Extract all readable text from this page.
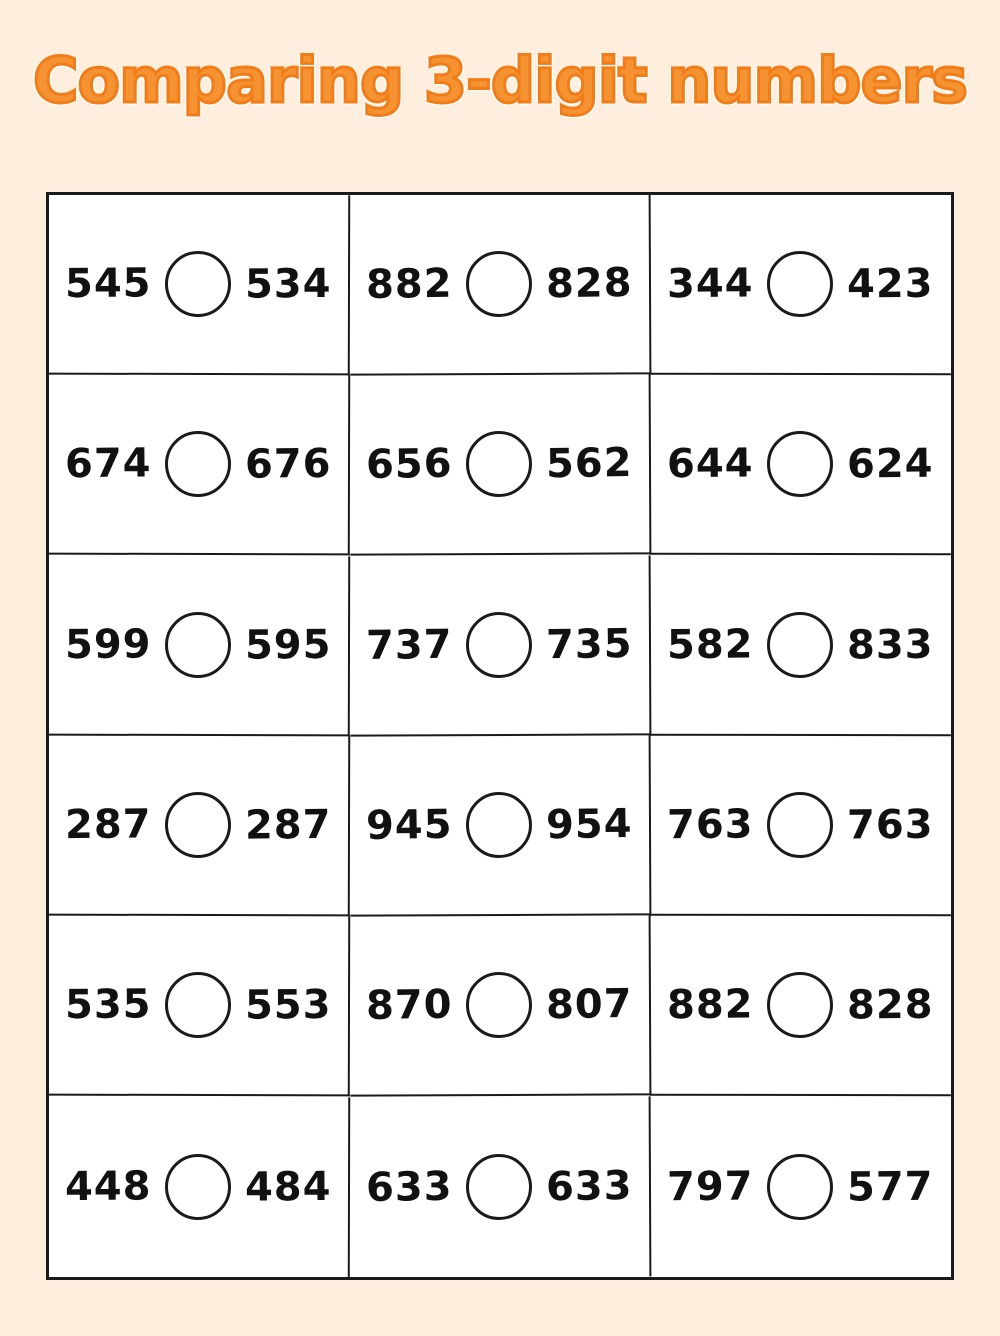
Comparing 3-digit numbers
545 534 882 828 344 423
674 676 656 562 644 624
599 595 737 735 582 833
287 287 945 954 763 763
535 553 870 807 882 828
448 484 633 633 797 577
